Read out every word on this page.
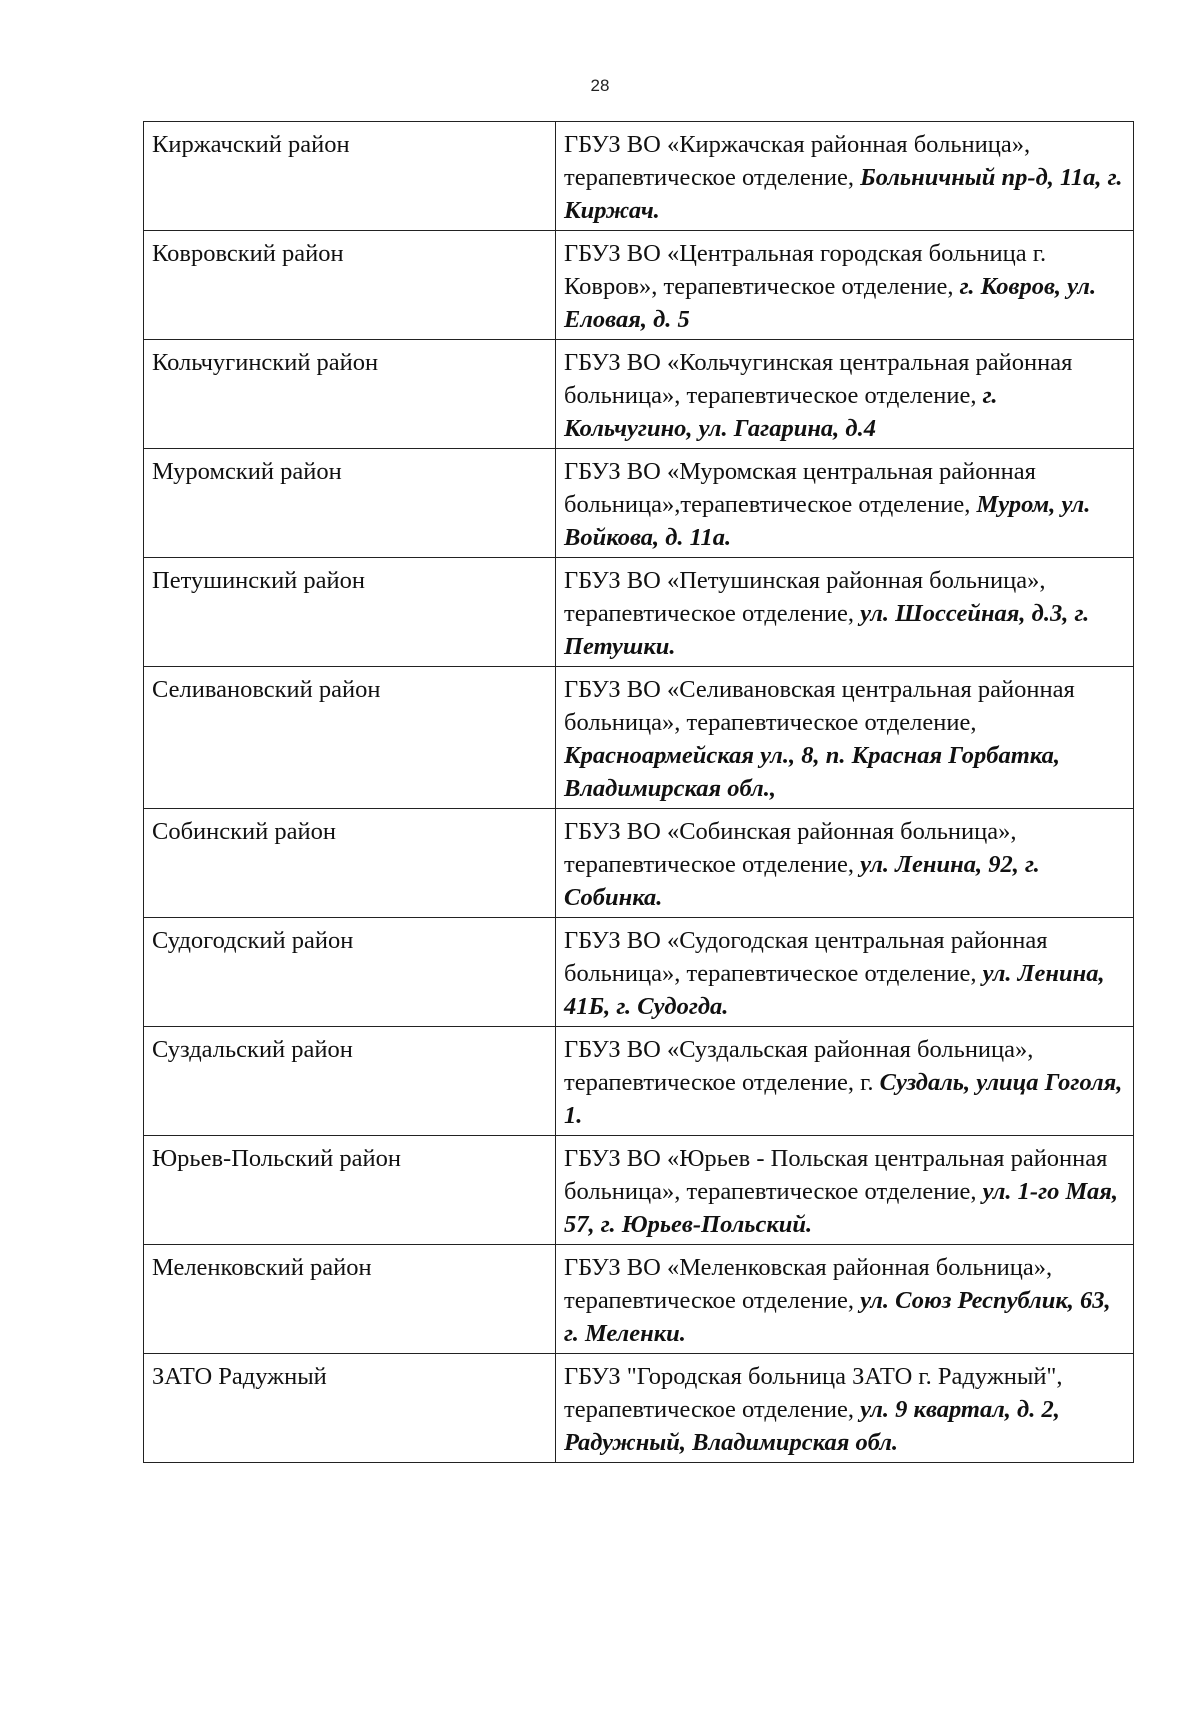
28
Киржачский район	ГБУЗ ВО «Киржачская районная больница», терапевтическое отделение, Больничный пр-д, 11а, г. Киржач.
Ковровский район	ГБУЗ ВО «Центральная городская больница г. Ковров», терапевтическое отделение, г. Ковров, ул. Еловая, д. 5
Кольчугинский район	ГБУЗ ВО «Кольчугинская центральная районная больница», терапевтическое отделение, г. Кольчугино, ул. Гагарина, д.4
Муромский район	ГБУЗ ВО «Муромская центральная районная больница»,терапевтическое отделение, Муром, ул. Войкова, д. 11а.
Петушинский район	ГБУЗ ВО «Петушинская районная больница», терапевтическое отделение, ул. Шоссейная, д.3, г. Петушки.
Селивановский район	ГБУЗ ВО «Селивановская центральная районная больница», терапевтическое отделение, Красноармейская ул., 8, п. Красная Горбатка, Владимирская обл.,
Собинский район	ГБУЗ ВО «Собинская районная больница», терапевтическое отделение, ул. Ленина, 92, г. Собинка.
Судогодский район	ГБУЗ ВО «Судогодская центральная районная больница», терапевтическое отделение, ул. Ленина, 41Б, г. Судогда.
Суздальский район	ГБУЗ ВО «Суздальская районная больница», терапевтическое отделение, г. Суздаль, улица Гоголя, 1.
Юрьев-Польский район	ГБУЗ ВО «Юрьев - Польская центральная районная больница», терапевтическое отделение, ул. 1-го Мая, 57, г. Юрьев-Польский.
Меленковский район	ГБУЗ ВО «Меленковская районная больница», терапевтическое отделение, ул. Союз Республик, 63, г. Меленки.
ЗАТО Радужный	ГБУЗ "Городская больница ЗАТО г. Радужный", терапевтическое отделение, ул. 9 квартал, д. 2, Радужный, Владимирская обл.
